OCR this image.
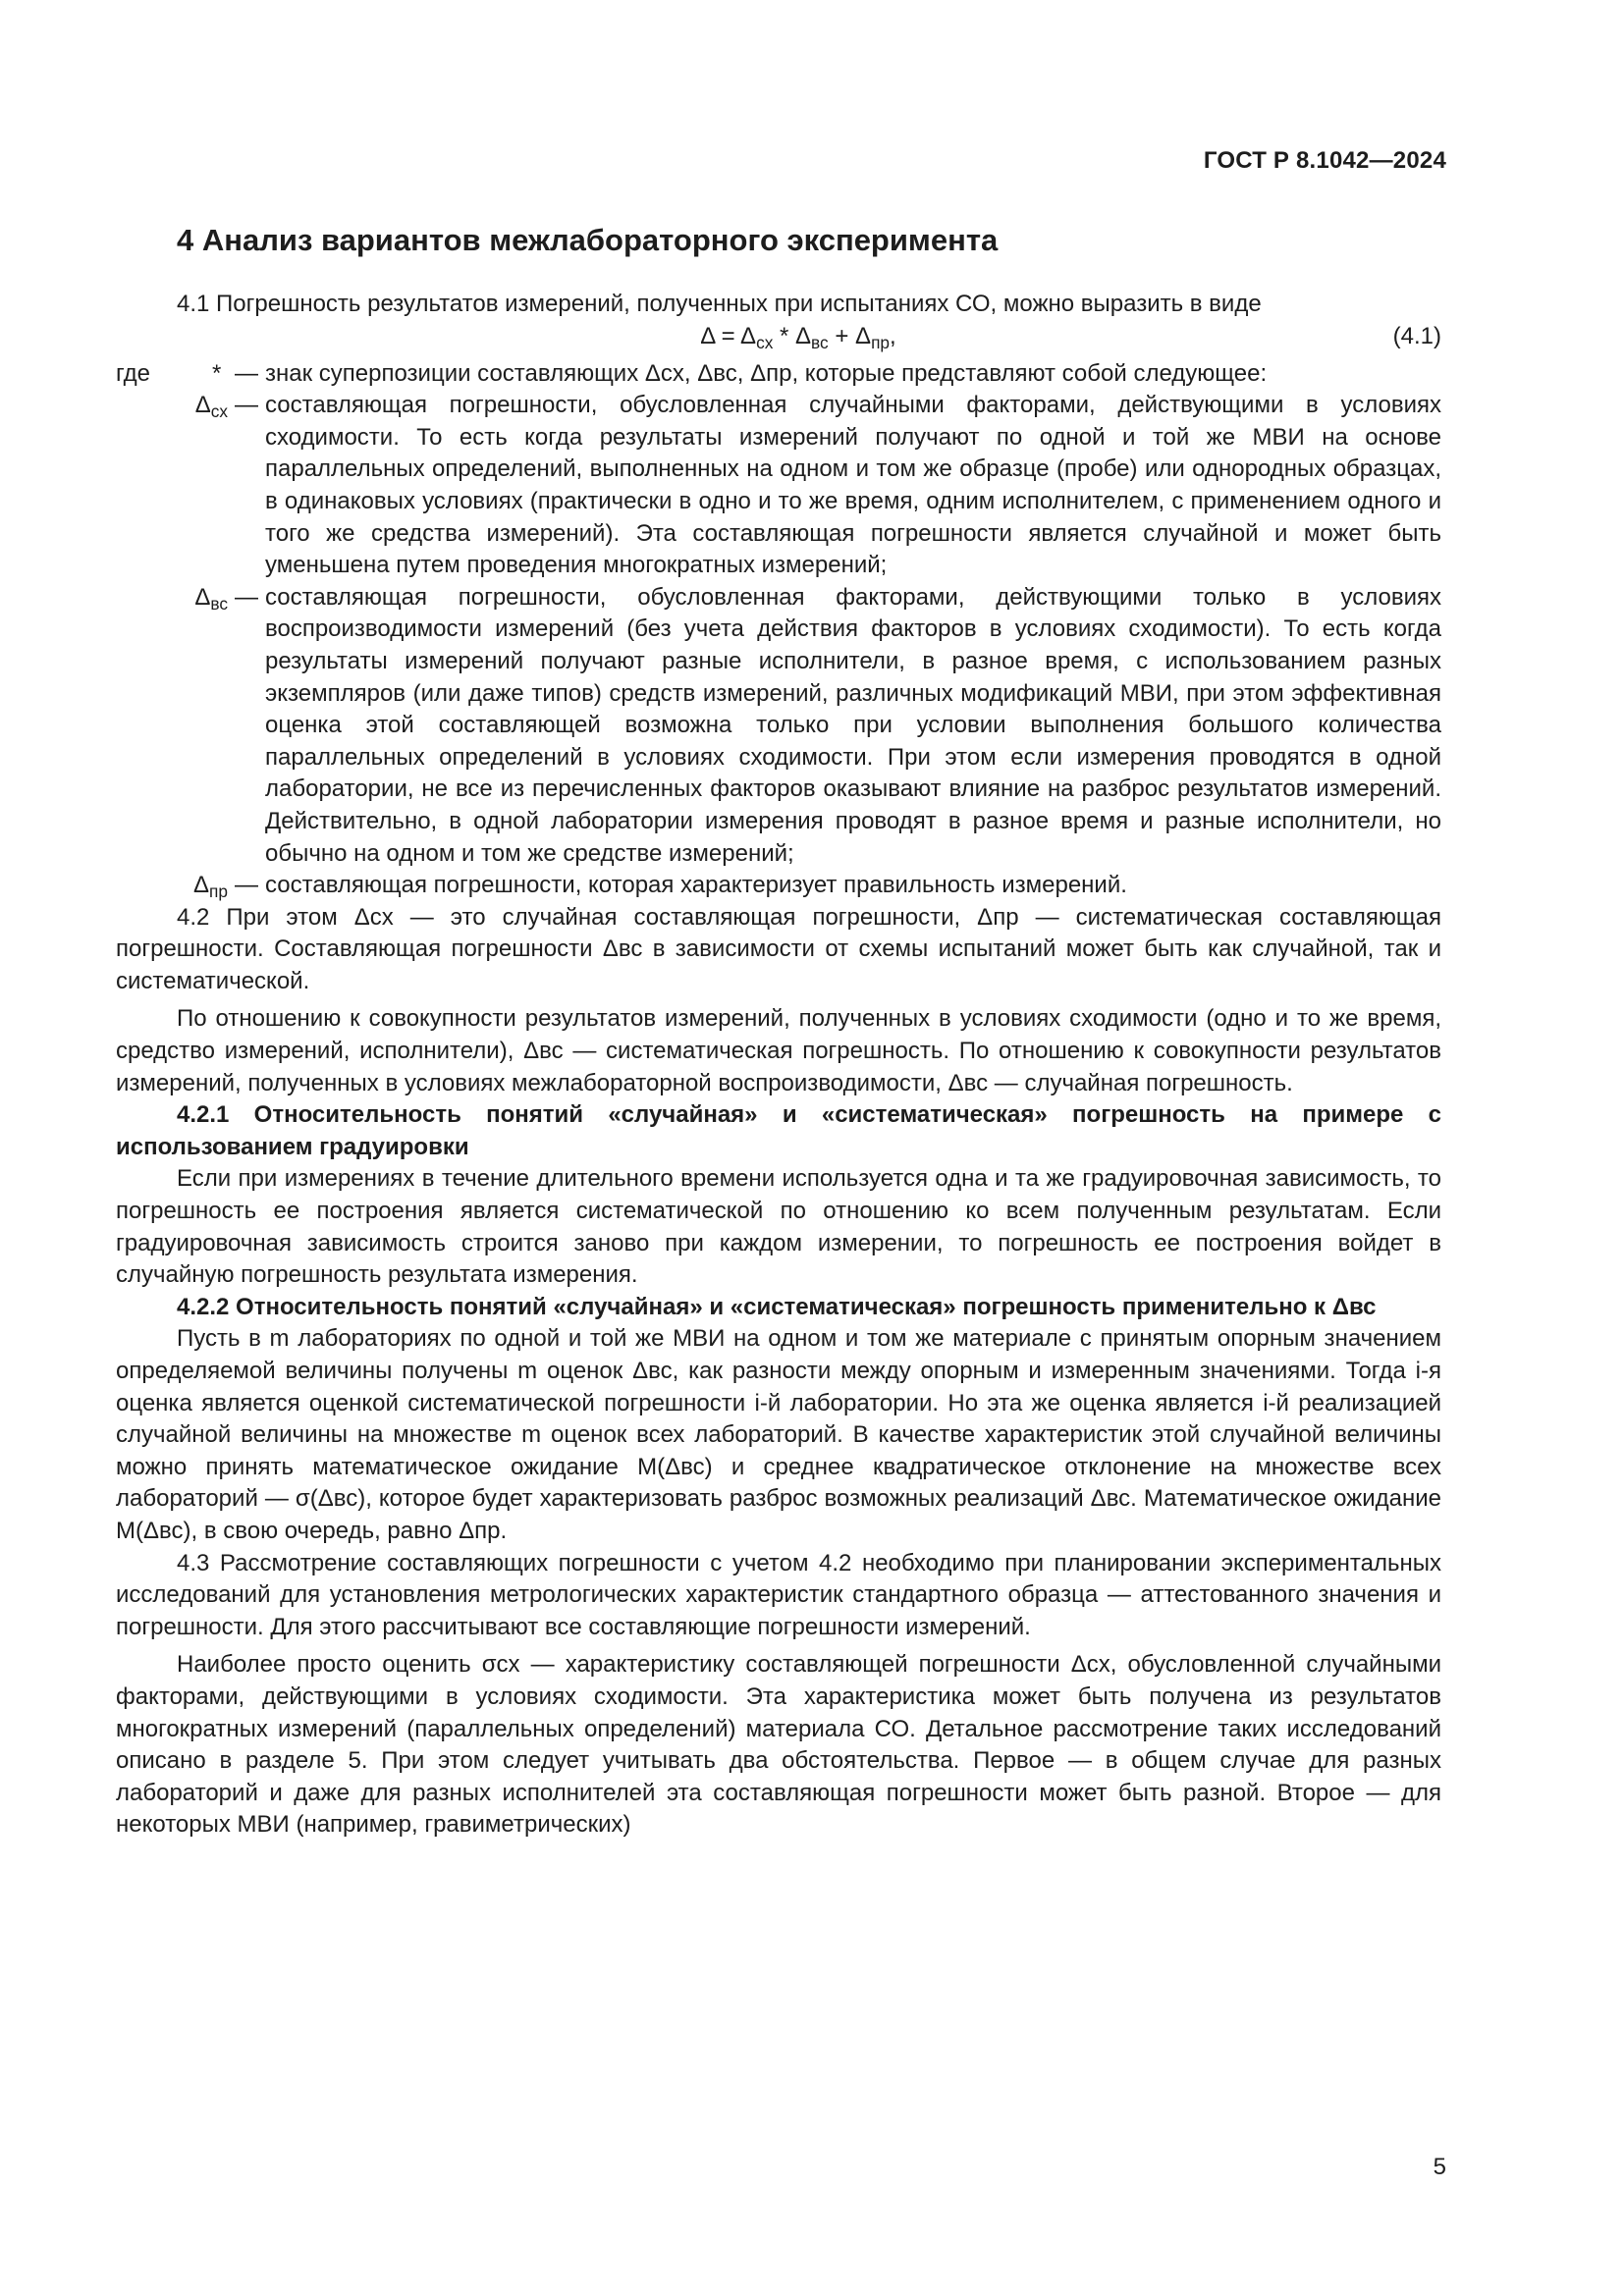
ГОСТ Р 8.1042—2024
4 Анализ вариантов межлабораторного эксперимента

4.1 Погрешность результатов измерений, полученных при испытаниях СО, можно выразить в виде

$\Delta = \Delta_{сх} * \Delta_{вс} + \Delta_{пр}$,	(4.1)
где	* — знак суперпозиции составляющих Δсх, Δвс, Δпр, которые представляют собой следующее:
$\Delta_{сх}$ — составляющая погрешности, обусловленная случайными факторами, действующими в условиях сходимости. То есть когда результаты измерений получают по одной и той же МВИ на основе параллельных определений, выполненных на одном и том же образце (пробе) или однородных образцах, в одинаковых условиях (практически в одно и то же время, одним исполнителем, с применением одного и того же средства измерений). Эта составляющая погрешности является случайной и может быть уменьшена путем проведения многократных измерений;
$\Delta_{вс}$ — составляющая погрешности, обусловленная факторами, действующими только в условиях воспроизводимости измерений (без учета действия факторов в условиях сходимости). То есть когда результаты измерений получают разные исполнители, в разное время, с использованием разных экземпляров (или даже типов) средств измерений, различных модификаций МВИ, при этом эффективная оценка этой составляющей возможна только при условии выполнения большого количества параллельных определений в условиях сходимости. При этом если измерения проводятся в одной лаборатории, не все из перечисленных факторов оказывают влияние на разброс результатов измерений. Действительно, в одной лаборатории измерения проводят в разное время и разные исполнители, но обычно на одном и том же средстве измерений;
$\Delta_{пр}$ — составляющая погрешности, которая характеризует правильность измерений.

4.2 При этом Δсх — это случайная составляющая погрешности, Δпр — систематическая составляющая погрешности. Составляющая погрешности Δвс в зависимости от схемы испытаний может быть как случайной, так и систематической.

По отношению к совокупности результатов измерений, полученных в условиях сходимости (одно и то же время, средство измерений, исполнители), Δвс — систематическая погрешность. По отношению к совокупности результатов измерений, полученных в условиях межлабораторной воспроизводимости, Δвс — случайная погрешность.

4.2.1 Относительность понятий «случайная» и «систематическая» погрешность на примере с использованием градуировки

Если при измерениях в течение длительного времени используется одна и та же градуировочная зависимость, то погрешность ее построения является систематической по отношению ко всем полученным результатам. Если градуировочная зависимость строится заново при каждом измерении, то погрешность ее построения войдет в случайную погрешность результата измерения.

4.2.2 Относительность понятий «случайная» и «систематическая» погрешность применительно к Δвс

Пусть в m лабораториях по одной и той же МВИ на одном и том же материале с принятым опорным значением определяемой величины получены m оценок Δвс, как разности между опорным и измеренным значениями. Тогда i-я оценка является оценкой систематической погрешности i-й лаборатории. Но эта же оценка является i-й реализацией случайной величины на множестве m оценок всех лабораторий. В качестве характеристик этой случайной величины можно принять математическое ожидание M(Δвс) и среднее квадратическое отклонение на множестве всех лабораторий — σ(Δвс), которое будет характеризовать разброс возможных реализаций Δвс. Математическое ожидание M(Δвс), в свою очередь, равно Δпр.

4.3 Рассмотрение составляющих погрешности с учетом 4.2 необходимо при планировании экспериментальных исследований для установления метрологических характеристик стандартного образца — аттестованного значения и погрешности. Для этого рассчитывают все составляющие погрешности измерений.

Наиболее просто оценить σсх — характеристику составляющей погрешности Δсх, обусловленной случайными факторами, действующими в условиях сходимости. Эта характеристика может быть получена из результатов многократных измерений (параллельных определений) материала СО. Детальное рассмотрение таких исследований описано в разделе 5. При этом следует учитывать два обстоятельства. Первое — в общем случае для разных лабораторий и даже для разных исполнителей эта составляющая погрешности может быть разной. Второе — для некоторых МВИ (например, гравиметрических)

5
